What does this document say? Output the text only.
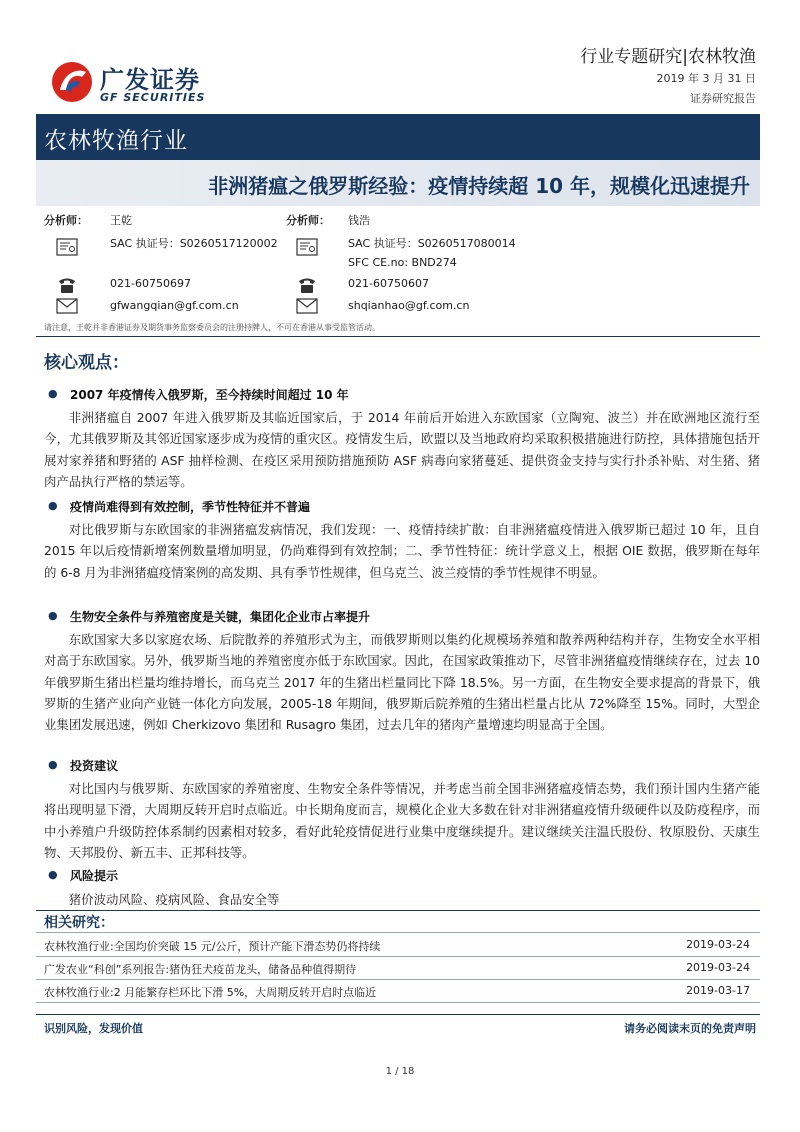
广发证券
GF SECURITIES
行业专题研究|农林牧渔
2019 年 3 月 31 日
证券研究报告
农林牧渔行业
非洲猪瘟之俄罗斯经验：疫情持续超 10 年，规模化迅速提升
分析师： 王乾
SAC 执证号：S0260517120002
021-60750697
gfwangqian@gf.com.cn
分析师： 钱浩
SAC 执证号：S0260517080014
SFC CE.no: BND274
021-60750607
shqianhao@gf.com.cn
请注意，王乾并非香港证券及期货事务监察委员会的注册持牌人，不可在香港从事受监管活动。
核心观点：
● 2007 年疫情传入俄罗斯，至今持续时间超过 10 年

非洲猪瘟自 2007 年进入俄罗斯及其临近国家后，于 2014 年前后开始进入东欧国家（立陶宛、波兰）并在欧洲地区流行至今，尤其俄罗斯及其邻近国家逐步成为疫情的重灾区。疫情发生后，欧盟以及当地政府均采取积极措施进行防控，具体措施包括开展对家养猪和野猪的 ASF 抽样检测、在疫区采用预防措施预防 ASF 病毒向家猪蔓延、提供资金支持与实行扑杀补贴、对生猪、猪肉产品执行严格的禁运等。

● 疫情尚难得到有效控制，季节性特征并不普遍

对比俄罗斯与东欧国家的非洲猪瘟发病情况，我们发现：一、疫情持续扩散：自非洲猪瘟疫情进入俄罗斯已超过 10 年，且自 2015 年以后疫情新增案例数量增加明显，仍尚难得到有效控制；二、季节性特征：统计学意义上，根据 OIE 数据，俄罗斯在每年的 6-8 月为非洲猪瘟疫情案例的高发期、具有季节性规律，但乌克兰、波兰疫情的季节性规律不明显。

● 生物安全条件与养殖密度是关键，集团化企业市占率提升

东欧国家大多以家庭农场、后院散养的养殖形式为主，而俄罗斯则以集约化规模场养殖和散养两种结构并存，生物安全水平相对高于东欧国家。另外，俄罗斯当地的养殖密度亦低于东欧国家。因此，在国家政策推动下，尽管非洲猪瘟疫情继续存在，过去 10 年俄罗斯生猪出栏量均维持增长，而乌克兰 2017 年的生猪出栏量同比下降 18.5%。另一方面，在生物安全要求提高的背景下，俄罗斯的生猪产业向产业链一体化方向发展，2005-18 年期间，俄罗斯后院养殖的生猪出栏量占比从 72%降至 15%。同时，大型企业集团发展迅速，例如 Cherkizovo 集团和 Rusagro 集团，过去几年的猪肉产量增速均明显高于全国。

● 投资建议

对比国内与俄罗斯、东欧国家的养殖密度、生物安全条件等情况，并考虑当前全国非洲猪瘟疫情态势，我们预计国内生猪产能将出现明显下滑，大周期反转开启时点临近。中长期角度而言，规模化企业大多数在针对非洲猪瘟疫情升级硬件以及防疫程序，而中小养殖户升级防控体系制约因素相对较多，看好此轮疫情促进行业集中度继续提升。建议继续关注温氏股份、牧原股份、天康生物、天邦股份、新五丰、正邦科技等。

● 风险提示

猪价波动风险、疫病风险、食品安全等

相关研究：
农林牧渔行业:全国均价突破 15 元/公斤，预计产能下滑态势仍将持续	2019-03-24
广发农业“科创”系列报告:猪伪狂犬疫苗龙头，储备品种值得期待	2019-03-24
农林牧渔行业:2 月能繁存栏环比下滑 5%，大周期反转开启时点临近	2019-03-17
识别风险，发现价值	请务必阅读末页的免责声明
1 / 18
